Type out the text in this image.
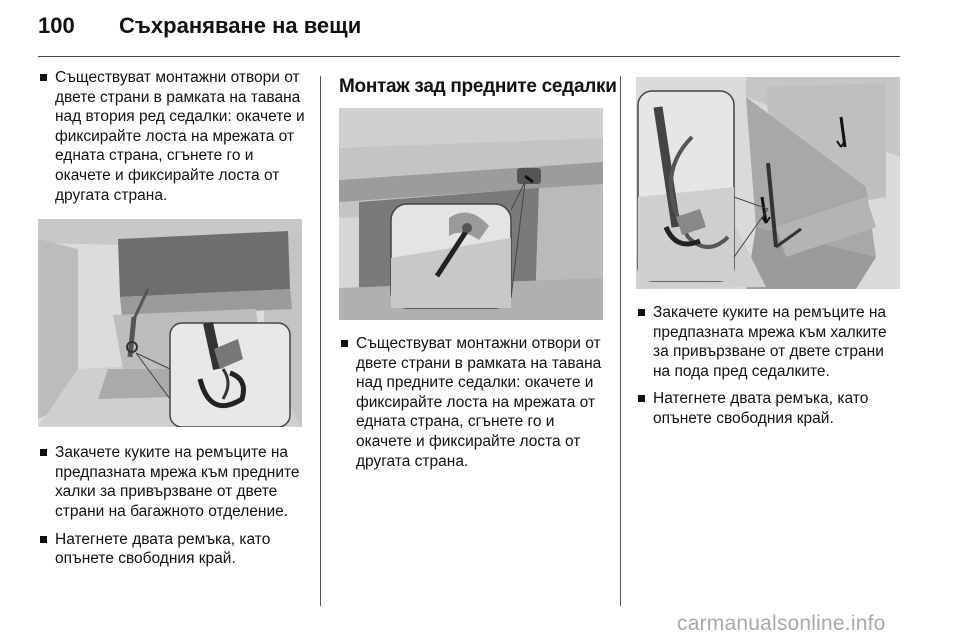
100 Съхраняване на вещи
Съществуват монтажни отвори от двете страни в рамката на тавана над втория ред седалки: окачете и фиксирайте лоста на мрежата от едната страна, сгънете го и окачете и фиксирайте лоста от другата страна.
Закачете куките на ремъците на предпазната мрежа към предните халки за привързване от двете страни на багажното отделение.
Натегнете двата ремъка, като опънете свободния край.
Монтаж зад предните седалки
Съществуват монтажни отвори от двете страни в рамката на тавана над предните седалки: окачете и фиксирайте лоста на мрежата от едната страна, сгънете го и окачете и фиксирайте лоста от другата страна.
Закачете куките на ремъците на предпазната мрежа към халките за привързване от двете страни на пода пред седалките.
Натегнете двата ремъка, като опънете свободния край.
carmanualsonline.info
